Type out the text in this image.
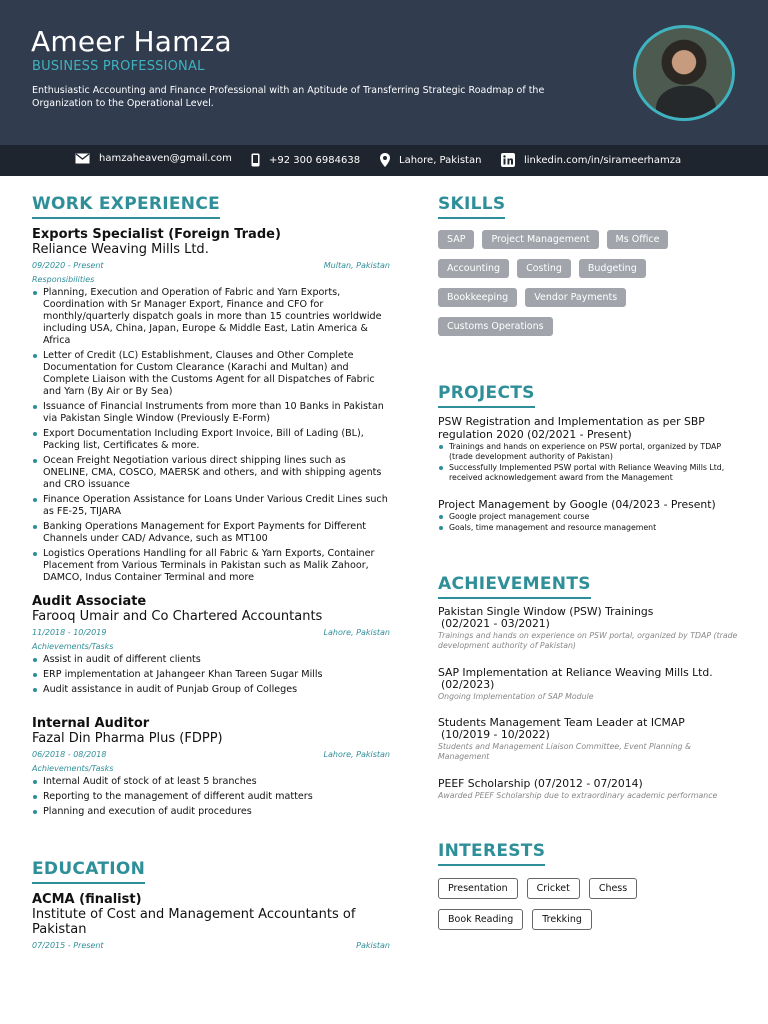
Ameer Hamza
BUSINESS PROFESSIONAL
Enthusiastic Accounting and Finance Professional with an Aptitude of Transferring Strategic Roadmap of the Organization to the Operational Level.
hamzaheaven@gmail.com	+92 300 6984638	Lahore, Pakistan	linkedin.com/in/sirameerhamza
WORK EXPERIENCE
Exports Specialist (Foreign Trade)
Reliance Weaving Mills Ltd.
09/2020 - Present	Multan, Pakistan
Responsibilities
Planning, Execution and Operation of Fabric and Yarn Exports, Coordination with Sr Manager Export, Finance and CFO for monthly/quarterly dispatch goals in more than 15 countries worldwide including USA, China, Japan, Europe & Middle East, Latin America & Africa
Letter of Credit (LC) Establishment, Clauses and Other Complete Documentation for Custom Clearance (Karachi and Multan) and Complete Liaison with the Customs Agent for all Dispatches of Fabric and Yarn (By Air or By Sea)
Issuance of Financial Instruments from more than 10 Banks in Pakistan via Pakistan Single Window (Previously E-Form)
Export Documentation Including Export Invoice, Bill of Lading (BL), Packing list, Certificates & more.
Ocean Freight Negotiation various direct shipping lines such as ONELINE, CMA, COSCO, MAERSK and others, and with shipping agents and CRO issuance
Finance Operation Assistance for Loans Under Various Credit Lines such as FE-25, TIJARA
Banking Operations Management for Export Payments for Different Channels under CAD/ Advance, such as MT100
Logistics Operations Handling for all Fabric & Yarn Exports, Container Placement from Various Terminals in Pakistan such as Malik Zahoor, DAMCO, Indus Container Terminal and more
Audit Associate
Farooq Umair and Co Chartered Accountants
11/2018 - 10/2019	Lahore, Pakistan
Achievements/Tasks
Assist in audit of different clients
ERP implementation at Jahangeer Khan Tareen Sugar Mills
Audit assistance in audit of Punjab Group of Colleges
Internal Auditor
Fazal Din Pharma Plus (FDPP)
06/2018 - 08/2018	Lahore, Pakistan
Achievements/Tasks
Internal Audit of stock of at least 5 branches
Reporting to the management of different audit matters
Planning and execution of audit procedures
EDUCATION
ACMA (finalist)
Institute of Cost and Management Accountants of Pakistan
07/2015 - Present	Pakistan
SKILLS
SAP	Project Management	Ms Office
Accounting	Costing	Budgeting
Bookkeeping	Vendor Payments
Customs Operations
PROJECTS
PSW Registration and Implementation as per SBP regulation 2020 (02/2021 - Present)
Trainings and hands on experience on PSW portal, organized by TDAP (trade development authority of Pakistan)
Successfully Implemented PSW portal with Reliance Weaving Mills Ltd, received acknowledgement award from the Management
Project Management by Google (04/2023 - Present)
Google project management course
Goals, time management and resource management
ACHIEVEMENTS
Pakistan Single Window (PSW) Trainings
(02/2021 - 03/2021)
Trainings and hands on experience on PSW portal, organized by TDAP (trade development authority of Pakistan)
SAP Implementation at Reliance Weaving Mills Ltd.
(02/2023)
Ongoing Implementation of SAP Module
Students Management Team Leader at ICMAP
(10/2019 - 10/2022)
Students and Management Liaison Committee, Event Planning & Management
PEEF Scholarship (07/2012 - 07/2014)
Awarded PEEF Scholarship due to extraordinary academic performance
INTERESTS
Presentation	Cricket	Chess
Book Reading	Trekking
